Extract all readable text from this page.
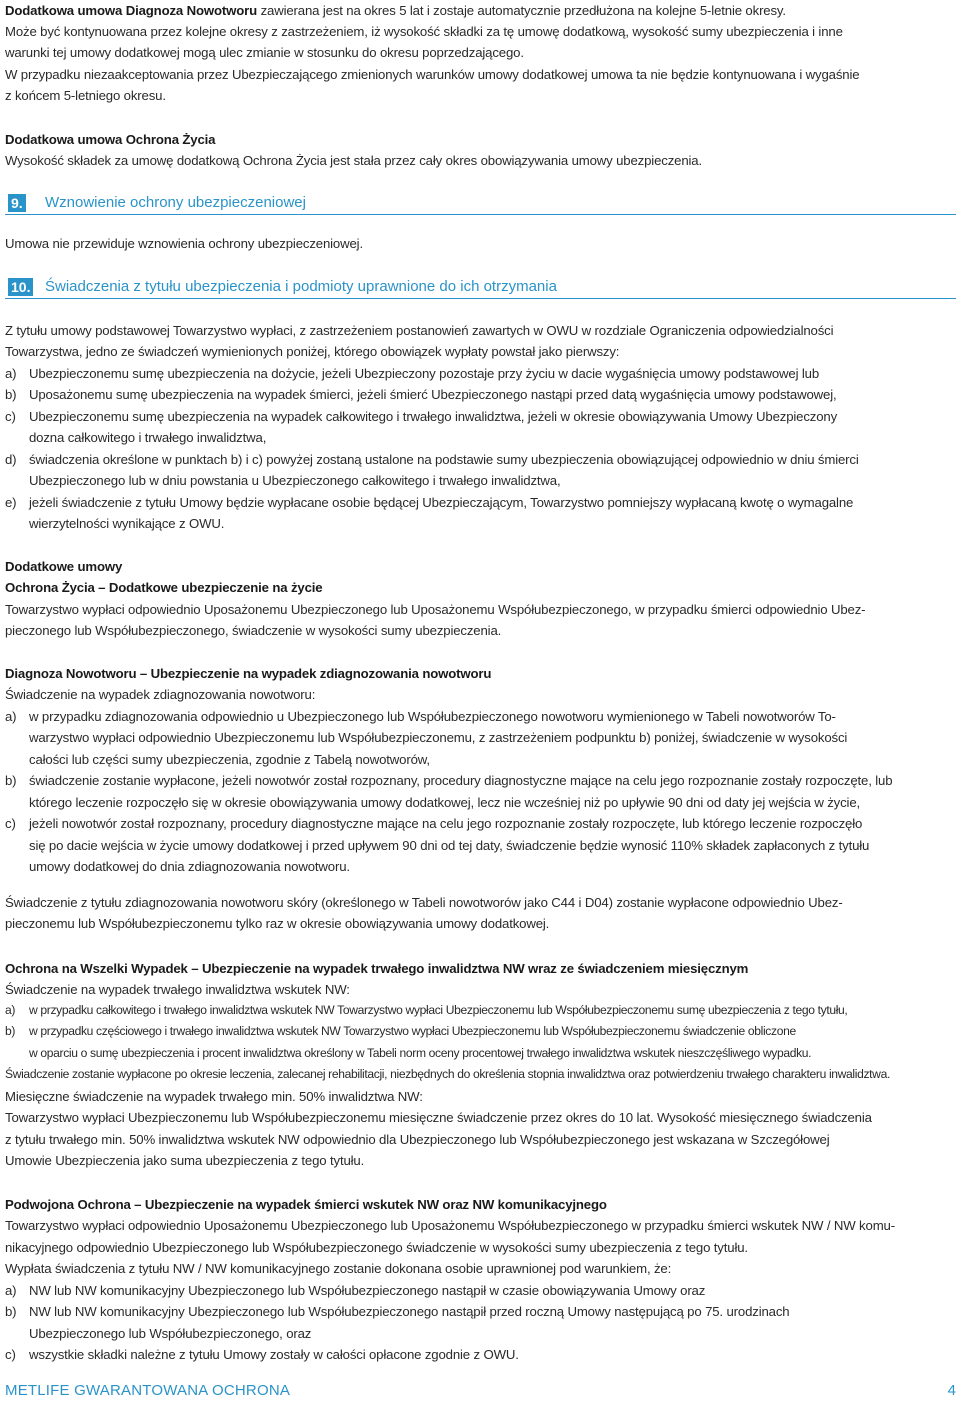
Dodatkowa umowa Diagnoza Nowotworu zawierana jest na okres 5 lat i zostaje automatycznie przedłużona na kolejne 5-letnie okresy.
Może być kontynuowana przez kolejne okresy z zastrzeżeniem, iż wysokość składki za tę umowę dodatkową, wysokość sumy ubezpieczenia i inne
warunki tej umowy dodatkowej mogą ulec zmianie w stosunku do okresu poprzedzającego.
W przypadku niezaakceptowania przez Ubezpieczającego zmienionych warunków umowy dodatkowej umowa ta nie będzie kontynuowana i wygaśnie
z końcem 5-letniego okresu.
Dodatkowa umowa Ochrona Życia
Wysokość składek za umowę dodatkową Ochrona Życia jest stała przez cały okres obowiązywania umowy ubezpieczenia.
9. Wznowienie ochrony ubezpieczeniowej
Umowa nie przewiduje wznowienia ochrony ubezpieczeniowej.
10. Świadczenia z tytułu ubezpieczenia i podmioty uprawnione do ich otrzymania
Z tytułu umowy podstawowej Towarzystwo wypłaci, z zastrzeżeniem postanowień zawartych w OWU w rozdziale Ograniczenia odpowiedzialności
Towarzystwa, jedno ze świadczeń wymienionych poniżej, którego obowiązek wypłaty powstał jako pierwszy:
a) Ubezpieczonemu sumę ubezpieczenia na dożycie, jeżeli Ubezpieczony pozostaje przy życiu w dacie wygaśnięcia umowy podstawowej lub
b) Uposażonemu sumę ubezpieczenia na wypadek śmierci, jeżeli śmierć Ubezpieczonego nastąpi przed datą wygaśnięcia umowy podstawowej,
c) Ubezpieczonemu sumę ubezpieczenia na wypadek całkowitego i trwałego inwalidztwa, jeżeli w okresie obowiązywania Umowy Ubezpieczony
dozna całkowitego i trwałego inwalidztwa,
d) świadczenia określone w punktach b) i c) powyżej zostaną ustalone na podstawie sumy ubezpieczenia obowiązującej odpowiednio w dniu śmierci
Ubezpieczonego lub w dniu powstania u Ubezpieczonego całkowitego i trwałego inwalidztwa,
e) jeżeli świadczenie z tytułu Umowy będzie wypłacane osobie będącej Ubezpieczającym, Towarzystwo pomniejszy wypłacaną kwotę o wymagalne
wierzytelności wynikające z OWU.
Dodatkowe umowy
Ochrona Życia – Dodatkowe ubezpieczenie na życie
Towarzystwo wypłaci odpowiednio Uposażonemu Ubezpieczonego lub Uposażonemu Współubezpieczonego, w przypadku śmierci odpowiednio Ubez-
pieczonego lub Współubezpieczonego, świadczenie w wysokości sumy ubezpieczenia.
Diagnoza Nowotworu – Ubezpieczenie na wypadek zdiagnozowania nowotworu
Świadczenie na wypadek zdiagnozowania nowotworu:
a) w przypadku zdiagnozowania odpowiednio u Ubezpieczonego lub Współubezpieczonego nowotworu wymienionego w Tabeli nowotworów To-
warzystwo wypłaci odpowiednio Ubezpieczonemu lub Współubezpieczonemu, z zastrzeżeniem podpunktu b) poniżej, świadczenie w wysokości
całości lub części sumy ubezpieczenia, zgodnie z Tabelą nowotworów,
b) świadczenie zostanie wypłacone, jeżeli nowotwór został rozpoznany, procedury diagnostyczne mające na celu jego rozpoznanie zostały rozpoczęte, lub
którego leczenie rozpoczęło się w okresie obowiązywania umowy dodatkowej, lecz nie wcześniej niż po upływie 90 dni od daty jej wejścia w życie,
c) jeżeli nowotwór został rozpoznany, procedury diagnostyczne mające na celu jego rozpoznanie zostały rozpoczęte, lub którego leczenie rozpoczęło
się po dacie wejścia w życie umowy dodatkowej i przed upływem 90 dni od tej daty, świadczenie będzie wynosić 110% składek zapłaconych z tytułu
umowy dodatkowej do dnia zdiagnozowania nowotworu.
Świadczenie z tytułu zdiagnozowania nowotworu skóry (określonego w Tabeli nowotworów jako C44 i D04) zostanie wypłacone odpowiednio Ubez-
pieczonemu lub Współubezpieczonemu tylko raz w okresie obowiązywania umowy dodatkowej.
Ochrona na Wszelki Wypadek – Ubezpieczenie na wypadek trwałego inwalidztwa NW wraz ze świadczeniem miesięcznym
Świadczenie na wypadek trwałego inwalidztwa wskutek NW:
a) w przypadku całkowitego i trwałego inwalidztwa wskutek NW Towarzystwo wypłaci Ubezpieczonemu lub Współubezpieczonemu sumę ubezpieczenia z tego tytułu,
b) w przypadku częściowego i trwałego inwalidztwa wskutek NW Towarzystwo wypłaci Ubezpieczonemu lub Współubezpieczonemu świadczenie obliczone
w oparciu o sumę ubezpieczenia i procent inwalidztwa określony w Tabeli norm oceny procentowej trwałego inwalidztwa wskutek nieszczęśliwego wypadku.
Świadczenie zostanie wypłacone po okresie leczenia, zalecanej rehabilitacji, niezbędnych do określenia stopnia inwalidztwa oraz potwierdzeniu trwałego charakteru inwalidztwa.
Miesięczne świadczenie na wypadek trwałego min. 50% inwalidztwa NW:
Towarzystwo wypłaci Ubezpieczonemu lub Współubezpieczonemu miesięczne świadczenie przez okres do 10 lat. Wysokość miesięcznego świadczenia
z tytułu trwałego min. 50% inwalidztwa wskutek NW odpowiednio dla Ubezpieczonego lub Współubezpieczonego jest wskazana w Szczegółowej
Umowie Ubezpieczenia jako suma ubezpieczenia z tego tytułu.
Podwojona Ochrona – Ubezpieczenie na wypadek śmierci wskutek NW oraz NW komunikacyjnego
Towarzystwo wypłaci odpowiednio Uposażonemu Ubezpieczonego lub Uposażonemu Współubezpieczonego w przypadku śmierci wskutek NW / NW komu-
nikacyjnego odpowiednio Ubezpieczonego lub Współubezpieczonego świadczenie w wysokości sumy ubezpieczenia z tego tytułu.
Wypłata świadczenia z tytułu NW / NW komunikacyjnego zostanie dokonana osobie uprawnionej pod warunkiem, że:
a) NW lub NW komunikacyjny Ubezpieczonego lub Współubezpieczonego nastąpił w czasie obowiązywania Umowy oraz
b) NW lub NW komunikacyjny Ubezpieczonego lub Współubezpieczonego nastąpił przed roczną Umowy następującą po 75. urodzinach
Ubezpieczonego lub Współubezpieczonego, oraz
c) wszystkie składki należne z tytułu Umowy zostały w całości opłacone zgodnie z OWU.
METLIFE GWARANTOWANA OCHRONA	4
